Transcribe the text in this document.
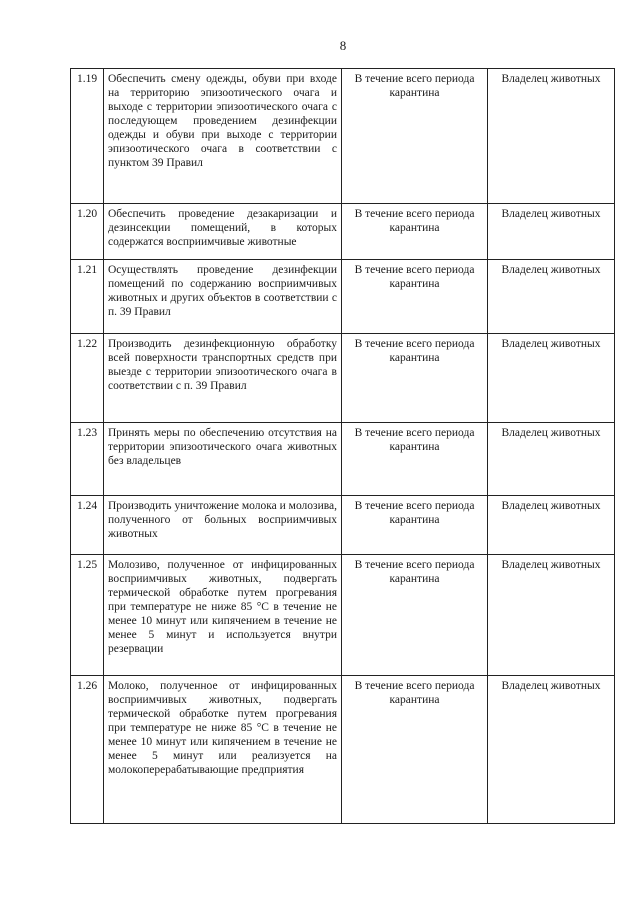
8
1.19	Обеспечить смену одежды, обуви при входе на территорию эпизоотического очага и выходе с территории эпизоотического очага с последующем проведением дезинфекции одежды и обуви при выходе с территории эпизоотического очага в соответствии с пунктом 39 Правил	В течение всего периода карантина	Владелец животных
1.20	Обеспечить проведение дезакаризации и дезинсекции помещений, в которых содержатся восприимчивые животные	В течение всего периода карантина	Владелец животных
1.21	Осуществлять проведение дезинфекции помещений по содержанию восприимчивых животных и других объектов в соответствии с п. 39 Правил	В течение всего периода карантина	Владелец животных
1.22	Производить дезинфекционную обработку всей поверхности транспортных средств при выезде с территории эпизоотического очага в соответствии с п. 39 Правил	В течение всего периода карантина	Владелец животных
1.23	Принять меры по обеспечению отсутствия на территории эпизоотического очага животных без владельцев	В течение всего периода карантина	Владелец животных
1.24	Производить уничтожение молока и молозива, полученного от больных восприимчивых животных	В течение всего периода карантина	Владелец животных
1.25	Молозиво, полученное от инфицированных восприимчивых животных, подвергать термической обработке путем прогревания при температуре не ниже 85 °С в течение не менее 10 минут или кипячением в течение не менее 5 минут и используется внутри резервации	В течение всего периода карантина	Владелец животных
1.26	Молоко, полученное от инфицированных восприимчивых животных, подвергать термической обработке путем прогревания при температуре не ниже 85 °С в течение не менее 10 минут или кипячением в течение не менее 5 минут или реализуется на молокоперерабатывающие предприятия	В течение всего периода карантина	Владелец животных
